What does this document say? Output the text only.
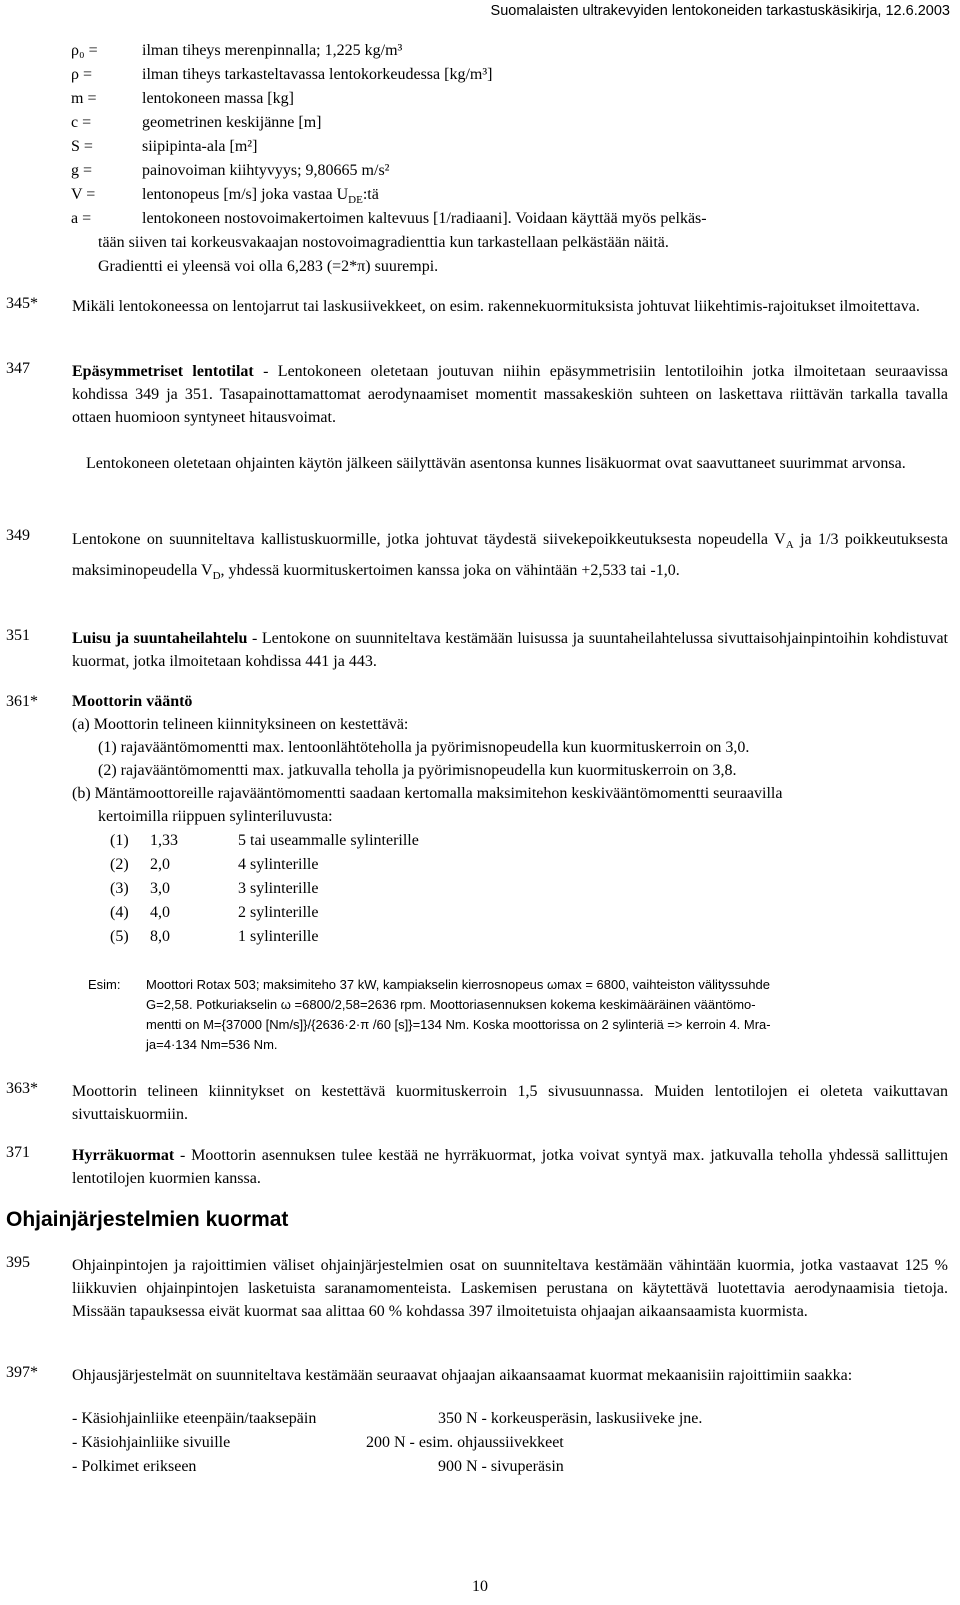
Suomalaisten ultrakevyiden lentokoneiden tarkastuskäsikirja, 12.6.2003
ρ₀ =	ilman tiheys merenpinnalla; 1,225 kg/m³
ρ =	ilman tiheys tarkasteltavassa lentokorkeudessa [kg/m³]
m =	lentokoneen massa [kg]
c =	geometrinen keskijänne [m]
S =	siipipinta-ala [m²]
g =	painovoiman kiihtyvyys; 9,80665 m/s²
V =	lentonopeus [m/s] joka vastaa $U_{DE}:tä$
a =	lentokoneen nostovoimakertoimen kaltevuus [1/radiaani]. Voidaan käyttää myös pelkäs-
tään siiven tai korkeusvakaajan nostovoimagradienttia kun tarkastellaan pelkästään näitä.
Gradientti ei yleensä voi olla 6,283 (=2*π) suurempi.
345* Mikäli lentokoneessa on lentojarrut tai laskusiivekkeet, on esim. rakennekuormituksista johtuvat liikehtimis-rajoitukset ilmoitettava.
347	Epäsymmetriset lentotilat - Lentokoneen oletetaan joutuvan niihin epäsymmetrisiin lentotiloihin jotka ilmoitetaan seuraavissa kohdissa 349 ja 351. Tasapainottamattomat aerodynaamiset momentit massakeskiön suhteen on laskettava riittävän tarkalla tavalla ottaen huomioon syntyneet hitausvoimat.
Lentokoneen oletetaan ohjainten käytön jälkeen säilyttävän asentonsa kunnes lisäkuormat ovat saavuttaneet suurimmat arvonsa.
349	Lentokone on suunniteltava kallistuskuormille, jotka johtuvat täydestä siivekepoikkeutuksesta nopeudella $V_A$ ja 1/3 poikkeutuksesta maksiminopeudella $V_D$, yhdessä kuormituskertoimen kanssa joka on vähintään +2,533 tai -1,0.
351	Luisu ja suuntaheilahtelu - Lentokone on suunniteltava kestämään luisussa ja suuntaheilahtelussa sivuttaisohjainpintoihin kohdistuvat kuormat, jotka ilmoitetaan kohdissa 441 ja 443.
361* Moottorin vääntö
(a) Moottorin telineen kiinnityksineen on kestettävä:
(1) rajavääntömomentti max. lentoonlähtöteholla ja pyörimisnopeudella kun kuormituskerroin on 3,0.
(2) rajavääntömomentti max. jatkuvalla teholla ja pyörimisnopeudella kun kuormituskerroin on 3,8.
(b) Mäntämoottoreille rajavääntömomentti saadaan kertomalla maksimitehon keskivääntömomentti seuraavilla
kertoimilla riippuen sylinteriluvusta:
(1) 1,33	5 tai useammalle sylinterille
(2) 2,0	4 sylinterille
(3) 3,0	3 sylinterille
(4) 4,0	2 sylinterille
(5) 8,0	1 sylinterille
Esim: Moottori Rotax 503; maksimiteho 37 kW, kampiakselin kierrosnopeus ωmax = 6800, vaihteiston välityssuhde
G=2,58. Potkuriakselin ω =6800/2,58=2636 rpm. Moottoriasennuksen kokema keskimääräinen vääntömo-
mentti on M={37000 [Nm/s]}/{2636·2·π /60 [s]}=134 Nm. Koska moottorissa on 2 sylinteriä => kerroin 4. Mra-
ja=4·134 Nm=536 Nm.
363* Moottorin telineen kiinnitykset on kestettävä kuormituskerroin 1,5 sivusuunnassa. Muiden lentotilojen ei oleteta vaikuttavan sivuttaiskuormiin.
371	Hyrräkuormat - Moottorin asennuksen tulee kestää ne hyrräkuormat, jotka voivat syntyä max. jatkuvalla teholla yhdessä sallittujen lentotilojen kuormien kanssa.
Ohjainjärjestelmien kuormat
395	Ohjainpintojen ja rajoittimien väliset ohjainjärjestelmien osat on suunniteltava kestämään vähintään kuormia, jotka vastaavat 125 % liikkuvien ohjainpintojen lasketuista saranamomenteista. Laskemisen perustana on käytettävä luotettavia aerodynaamisia tietoja. Missään tapauksessa eivät kuormat saa alittaa 60 % kohdassa 397 ilmoitetuista ohjaajan aikaansaamista kuormista.
397* Ohjausjärjestelmät on suunniteltava kestämään seuraavat ohjaajan aikaansaamat kuormat mekaanisiin rajoittimiin saakka:
- Käsiohjainliike eteenpäin/taaksepäin	350 N - korkeusperäsin, laskusiiveke jne.
- Käsiohjainliike sivuille	200 N - esim. ohjaussiivekkeet
- Polkimet erikseen	900 N - sivuperäsin
10
